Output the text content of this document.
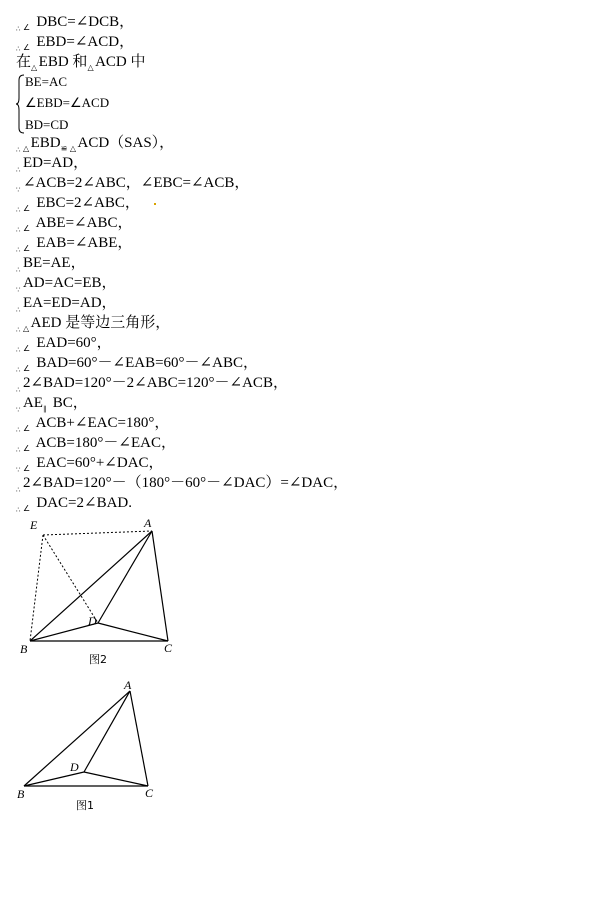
∴ ∠ DBC=∠DCB，
∴ ∠ EBD=∠ACD，
在△ EBD 和△ ACD 中
BE=AC
∠EBD=∠ACD
BD=CD
∴ △ EBD≌ △ ACD（SAS），
∴ ED=AD，
∵ ∠ACB=2∠ABC，∠EBC=∠ACB，
∴ ∠ EBC=2∠ABC，
∴ ∠ ABE=∠ABC，
∴ ∠ EAB=∠ABE，
∴ BE=AE，
∵ AD=AC=EB，
∴ EA=ED=AD，
∴ △ AED 是等边三角形，
∴ ∠ EAD=60°，
∴ ∠ BAD=60°－∠EAB=60°－∠ABC，
∴ 2∠BAD=120°－2∠ABC=120°－∠ACB，
∵ AE∥ BC，
∴ ∠ ACB+∠EAC=180°，
∴ ∠ ACB=180°－∠EAC，
∵ ∠ EAC=60°+∠DAC，
∴ 2∠BAD=120°－（180°－60°－∠DAC）=∠DAC，
∴ ∠ DAC=2∠BAD.
E	A
D
B	C
图2
A
D
B	C
图1
